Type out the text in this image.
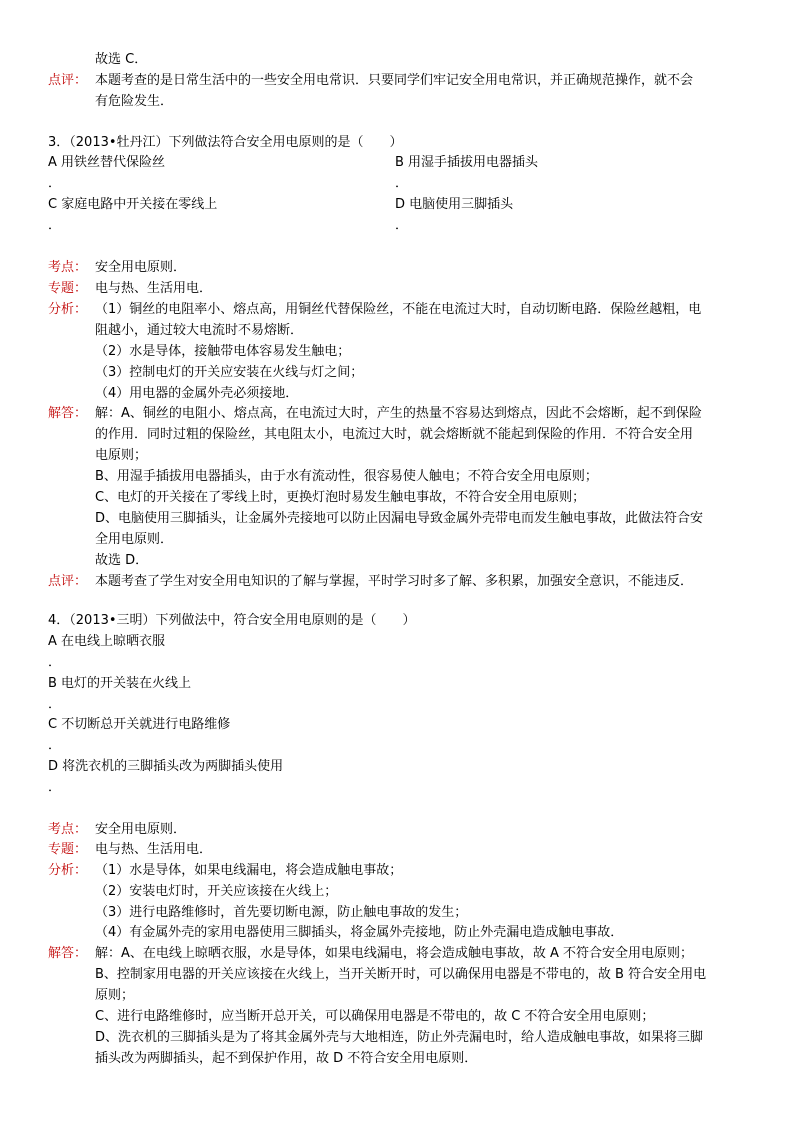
故选 C．
点评： 本题考查的是日常生活中的一些安全用电常识．只要同学们牢记安全用电常识，并正确规范操作，就不会
有危险发生．
3．（2013•牡丹江）下列做法符合安全用电原则的是（　　）
A 用铁丝替代保险丝	B 用湿手插拔用电器插头
．	．
C 家庭电路中开关接在零线上	D 电脑使用三脚插头
．	．
考点： 安全用电原则．
专题： 电与热、生活用电．
分析： （1）铜丝的电阻率小、熔点高，用铜丝代替保险丝，不能在电流过大时，自动切断电路．保险丝越粗，电
阻越小，通过较大电流时不易熔断．
（2）水是导体，接触带电体容易发生触电；
（3）控制电灯的开关应安装在火线与灯之间；
（4）用电器的金属外壳必须接地．
解答： 解：A、铜丝的电阻小、熔点高，在电流过大时，产生的热量不容易达到熔点，因此不会熔断，起不到保险
的作用．同时过粗的保险丝，其电阻太小，电流过大时，就会熔断就不能起到保险的作用．不符合安全用
电原则；
B、用湿手插拔用电器插头，由于水有流动性，很容易使人触电；不符合安全用电原则；
C、电灯的开关接在了零线上时，更换灯泡时易发生触电事故，不符合安全用电原则；
D、电脑使用三脚插头，让金属外壳接地可以防止因漏电导致金属外壳带电而发生触电事故，此做法符合安
全用电原则．
故选 D．
点评： 本题考查了学生对安全用电知识的了解与掌握，平时学习时多了解、多积累，加强安全意识，不能违反．
4．（2013•三明）下列做法中，符合安全用电原则的是（　　）
A 在电线上晾晒衣服
．
B 电灯的开关装在火线上
．
C 不切断总开关就进行电路维修
．
D 将洗衣机的三脚插头改为两脚插头使用
．
考点： 安全用电原则．
专题： 电与热、生活用电．
分析： （1）水是导体，如果电线漏电，将会造成触电事故；
（2）安装电灯时，开关应该接在火线上；
（3）进行电路维修时，首先要切断电源，防止触电事故的发生；
（4）有金属外壳的家用电器使用三脚插头，将金属外壳接地，防止外壳漏电造成触电事故．
解答： 解：A、在电线上晾晒衣服，水是导体，如果电线漏电，将会造成触电事故，故 A 不符合安全用电原则；
B、控制家用电器的开关应该接在火线上，当开关断开时，可以确保用电器是不带电的，故 B 符合安全用电
原则；
C、进行电路维修时，应当断开总开关，可以确保用电器是不带电的，故 C 不符合安全用电原则；
D、洗衣机的三脚插头是为了将其金属外壳与大地相连，防止外壳漏电时，给人造成触电事故，如果将三脚
插头改为两脚插头，起不到保护作用，故 D 不符合安全用电原则．
